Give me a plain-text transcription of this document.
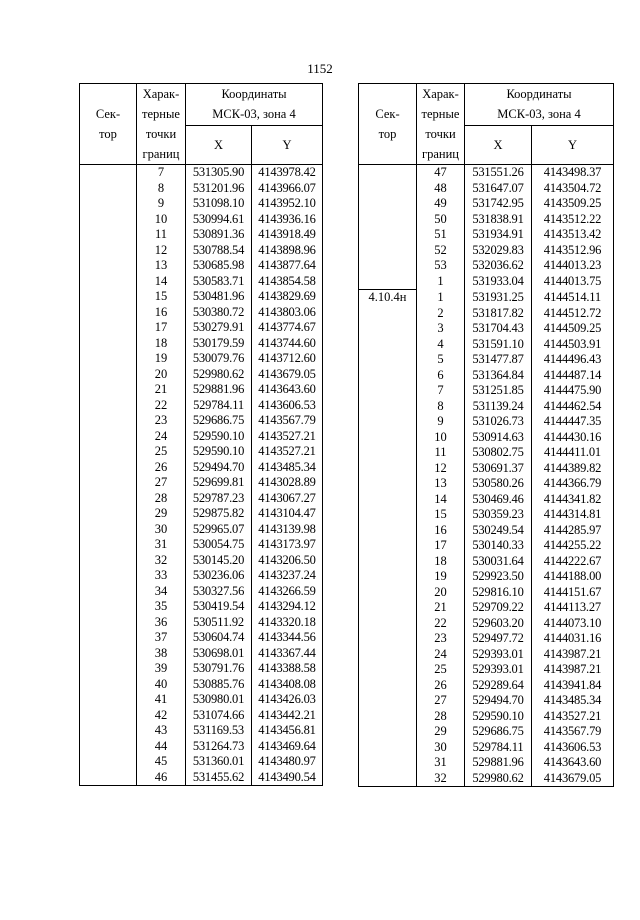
1152
Сек-
тор	Харак-
терные
точки
границ	Координаты
МСК-03, зона 4	
		X	Y
	7	531305.90	4143978.42
	8	531201.96	4143966.07
	9	531098.10	4143952.10
	10	530994.61	4143936.16
	11	530891.36	4143918.49
	12	530788.54	4143898.96
	13	530685.98	4143877.64
	14	530583.71	4143854.58
	15	530481.96	4143829.69
	16	530380.72	4143803.06
	17	530279.91	4143774.67
	18	530179.59	4143744.60
	19	530079.76	4143712.60
	20	529980.62	4143679.05
	21	529881.96	4143643.60
	22	529784.11	4143606.53
	23	529686.75	4143567.79
	24	529590.10	4143527.21
	25	529590.10	4143527.21
	26	529494.70	4143485.34
	27	529699.81	4143028.89
	28	529787.23	4143067.27
	29	529875.82	4143104.47
	30	529965.07	4143139.98
	31	530054.75	4143173.97
	32	530145.20	4143206.50
	33	530236.06	4143237.24
	34	530327.56	4143266.59
	35	530419.54	4143294.12
	36	530511.92	4143320.18
	37	530604.74	4143344.56
	38	530698.01	4143367.44
	39	530791.76	4143388.58
	40	530885.76	4143408.08
	41	530980.01	4143426.03
	42	531074.66	4143442.21
	43	531169.53	4143456.81
	44	531264.73	4143469.64
	45	531360.01	4143480.97
	46	531455.62	4143490.54
Сек-
тор	Харак-
терные
точки
границ	Координаты
МСК-03, зона 4	
		X	Y
	47	531551.26	4143498.37
	48	531647.07	4143504.72
	49	531742.95	4143509.25
	50	531838.91	4143512.22
	51	531934.91	4143513.42
	52	532029.83	4143512.96
	53	532036.62	4144013.23
	1	531933.04	4144013.75
4.10.4н	1	531931.25	4144514.11
	2	531817.82	4144512.72
	3	531704.43	4144509.25
	4	531591.10	4144503.91
	5	531477.87	4144496.43
	6	531364.84	4144487.14
	7	531251.85	4144475.90
	8	531139.24	4144462.54
	9	531026.73	4144447.35
	10	530914.63	4144430.16
	11	530802.75	4144411.01
	12	530691.37	4144389.82
	13	530580.26	4144366.79
	14	530469.46	4144341.82
	15	530359.23	4144314.81
	16	530249.54	4144285.97
	17	530140.33	4144255.22
	18	530031.64	4144222.67
	19	529923.50	4144188.00
	20	529816.10	4144151.67
	21	529709.22	4144113.27
	22	529603.20	4144073.10
	23	529497.72	4144031.16
	24	529393.01	4143987.21
	25	529393.01	4143987.21
	26	529289.64	4143941.84
	27	529494.70	4143485.34
	28	529590.10	4143527.21
	29	529686.75	4143567.79
	30	529784.11	4143606.53
	31	529881.96	4143643.60
	32	529980.62	4143679.05
